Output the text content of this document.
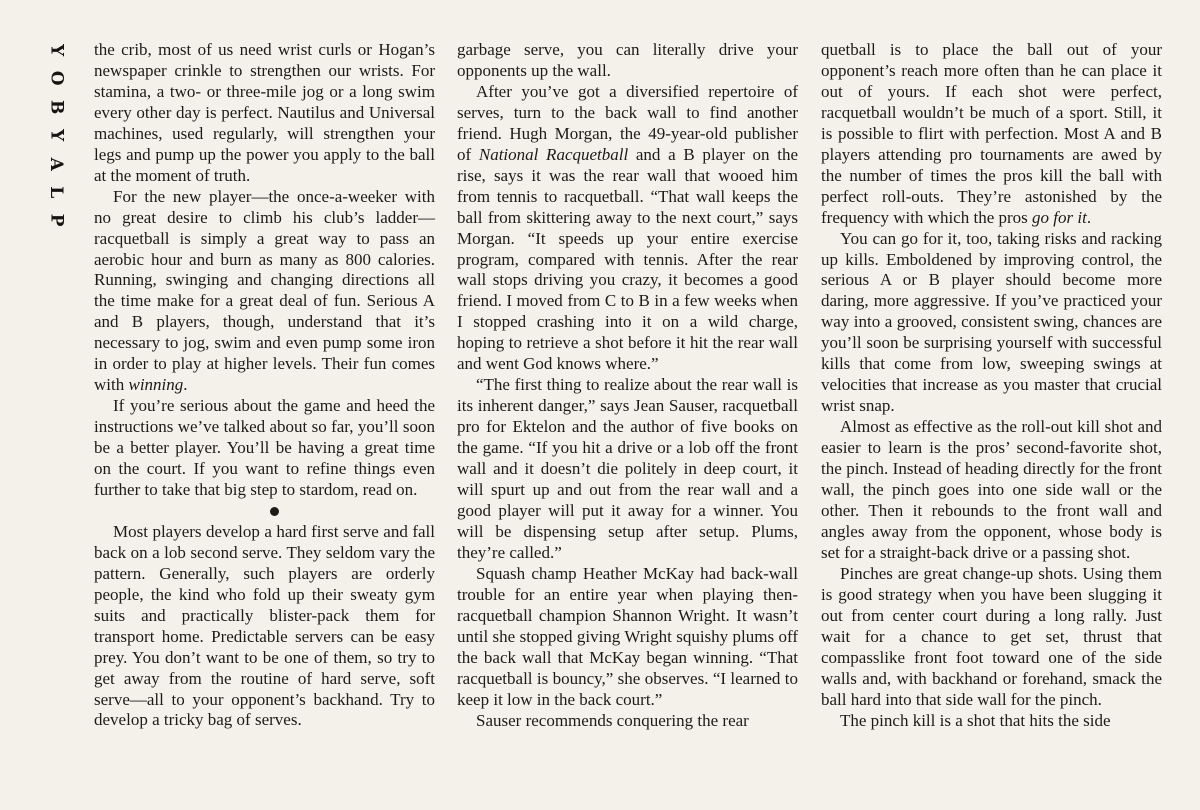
Y
O
B
Y
A
L
P

the crib, most of us need wrist curls or Hogan’s newspaper crinkle to strengthen our wrists. For stamina, a two- or three-mile jog or a long swim every other day is perfect. Nautilus and Universal machines, used regularly, will strengthen your legs and pump up the power you apply to the ball at the moment of truth.

For the new player—the once-a-weeker with no great desire to climb his club’s ladder—racquetball is simply a great way to pass an aerobic hour and burn as many as 800 calories. Running, swinging and changing directions all the time make for a great deal of fun. Serious A and B players, though, understand that it’s necessary to jog, swim and even pump some iron in order to play at higher levels. Their fun comes with winning.

If you’re serious about the game and heed the instructions we’ve talked about so far, you’ll soon be a better player. You’ll be having a great time on the court. If you want to refine things even further to take that big step to stardom, read on.

Most players develop a hard first serve and fall back on a lob second serve. They seldom vary the pattern. Generally, such players are orderly people, the kind who fold up their sweaty gym suits and practically blister-pack them for transport home. Predictable servers can be easy prey. You don’t want to be one of them, so try to get away from the routine of hard serve, soft serve—all to your opponent’s backhand. Try to develop a tricky bag of serves.

garbage serve, you can literally drive your opponents up the wall.

After you’ve got a diversified repertoire of serves, turn to the back wall to find another friend. Hugh Morgan, the 49-year-old publisher of National Racquetball and a B player on the rise, says it was the rear wall that wooed him from tennis to racquetball. “That wall keeps the ball from skittering away to the next court,” says Morgan. “It speeds up your entire exercise program, compared with tennis. After the rear wall stops driving you crazy, it becomes a good friend. I moved from C to B in a few weeks when I stopped crashing into it on a wild charge, hoping to retrieve a shot before it hit the rear wall and went God knows where.”

“The first thing to realize about the rear wall is its inherent danger,” says Jean Sauser, racquetball pro for Ektelon and the author of five books on the game. “If you hit a drive or a lob off the front wall and it doesn’t die politely in deep court, it will spurt up and out from the rear wall and a good player will put it away for a winner. You will be dispensing setup after setup. Plums, they’re called.”

Squash champ Heather McKay had back-wall trouble for an entire year when playing then-racquetball champion Shannon Wright. It wasn’t until she stopped giving Wright squishy plums off the back wall that McKay began winning. “That racquetball is bouncy,” she observes. “I learned to keep it low in the back court.”

Sauser recommends conquering the rear

quetball is to place the ball out of your opponent’s reach more often than he can place it out of yours. If each shot were perfect, racquetball wouldn’t be much of a sport. Still, it is possible to flirt with perfection. Most A and B players attending pro tournaments are awed by the number of times the pros kill the ball with perfect roll-outs. They’re astonished by the frequency with which the pros go for it.

You can go for it, too, taking risks and racking up kills. Emboldened by improving control, the serious A or B player should become more daring, more aggressive. If you’ve practiced your way into a grooved, consistent swing, chances are you’ll soon be surprising yourself with successful kills that come from low, sweeping swings at velocities that increase as you master that crucial wrist snap.

Almost as effective as the roll-out kill shot and easier to learn is the pros’ second-favorite shot, the pinch. Instead of heading directly for the front wall, the pinch goes into one side wall or the other. Then it rebounds to the front wall and angles away from the opponent, whose body is set for a straight-back drive or a passing shot.

Pinches are great change-up shots. Using them is good strategy when you have been slugging it out from center court during a long rally. Just wait for a chance to get set, thrust that compasslike front foot toward one of the side walls and, with backhand or forehand, smack the ball hard into that side wall for the pinch.

The pinch kill is a shot that hits the side
